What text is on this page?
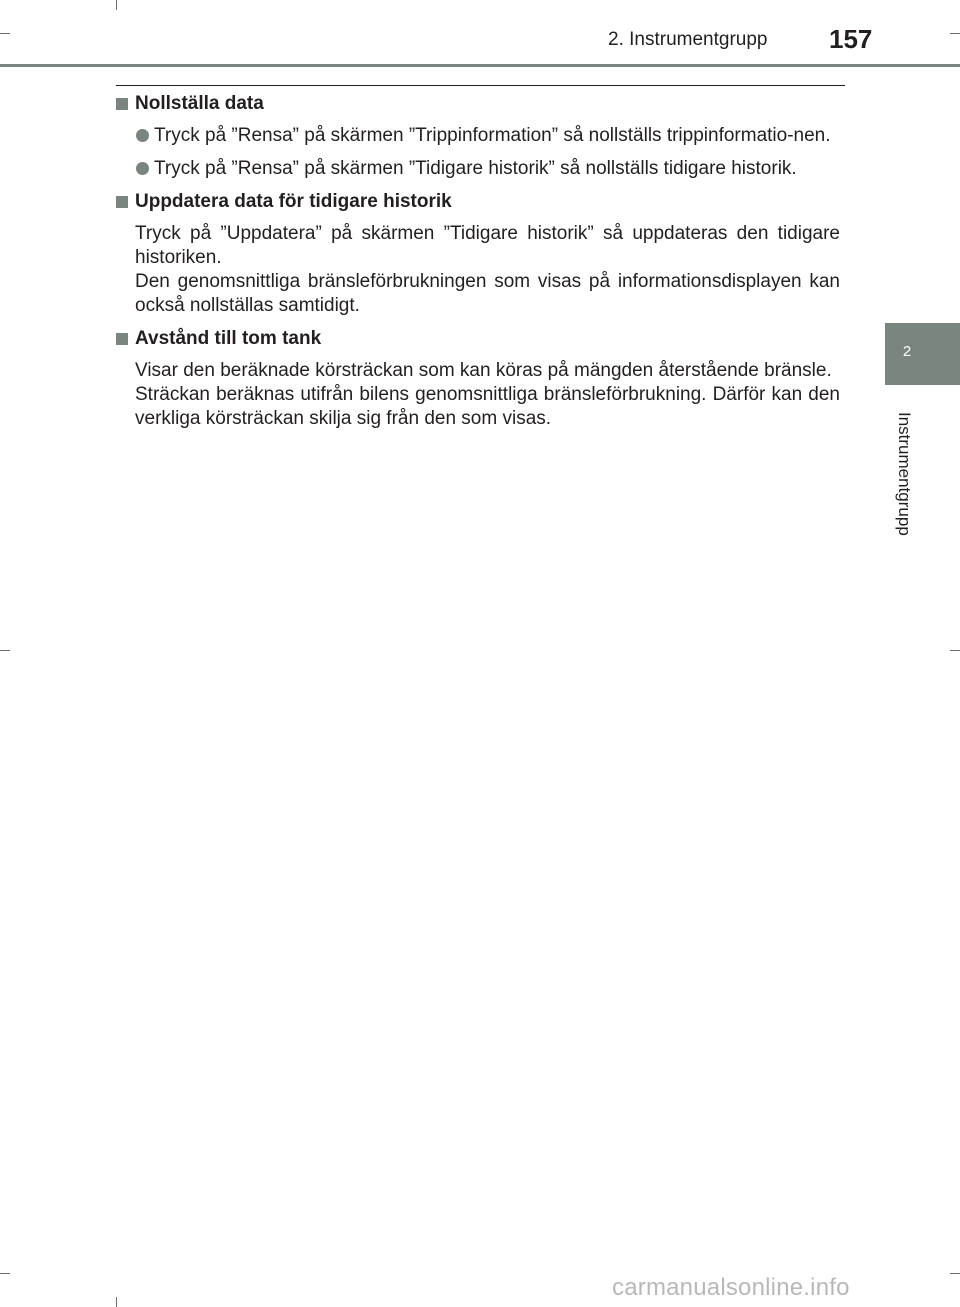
2. Instrumentgrupp 157
2
Instrumentgrupp

Nollställa data

Tryck på ”Rensa” på skärmen ”Trippinformation” så nollställs trippinformatio-nen.

Tryck på ”Rensa” på skärmen ”Tidigare historik” så nollställs tidigare historik.

Uppdatera data för tidigare historik

Tryck på ”Uppdatera” på skärmen ”Tidigare historik” så uppdateras den tidigare historiken.

Den genomsnittliga bränsleförbrukningen som visas på informationsdisplayen kan också nollställas samtidigt.

Avstånd till tom tank

Visar den beräknade körsträckan som kan köras på mängden återstående bränsle.

Sträckan beräknas utifrån bilens genomsnittliga bränsleförbrukning. Därför kan den verkliga körsträckan skilja sig från den som visas.

carmanualsonline.info
